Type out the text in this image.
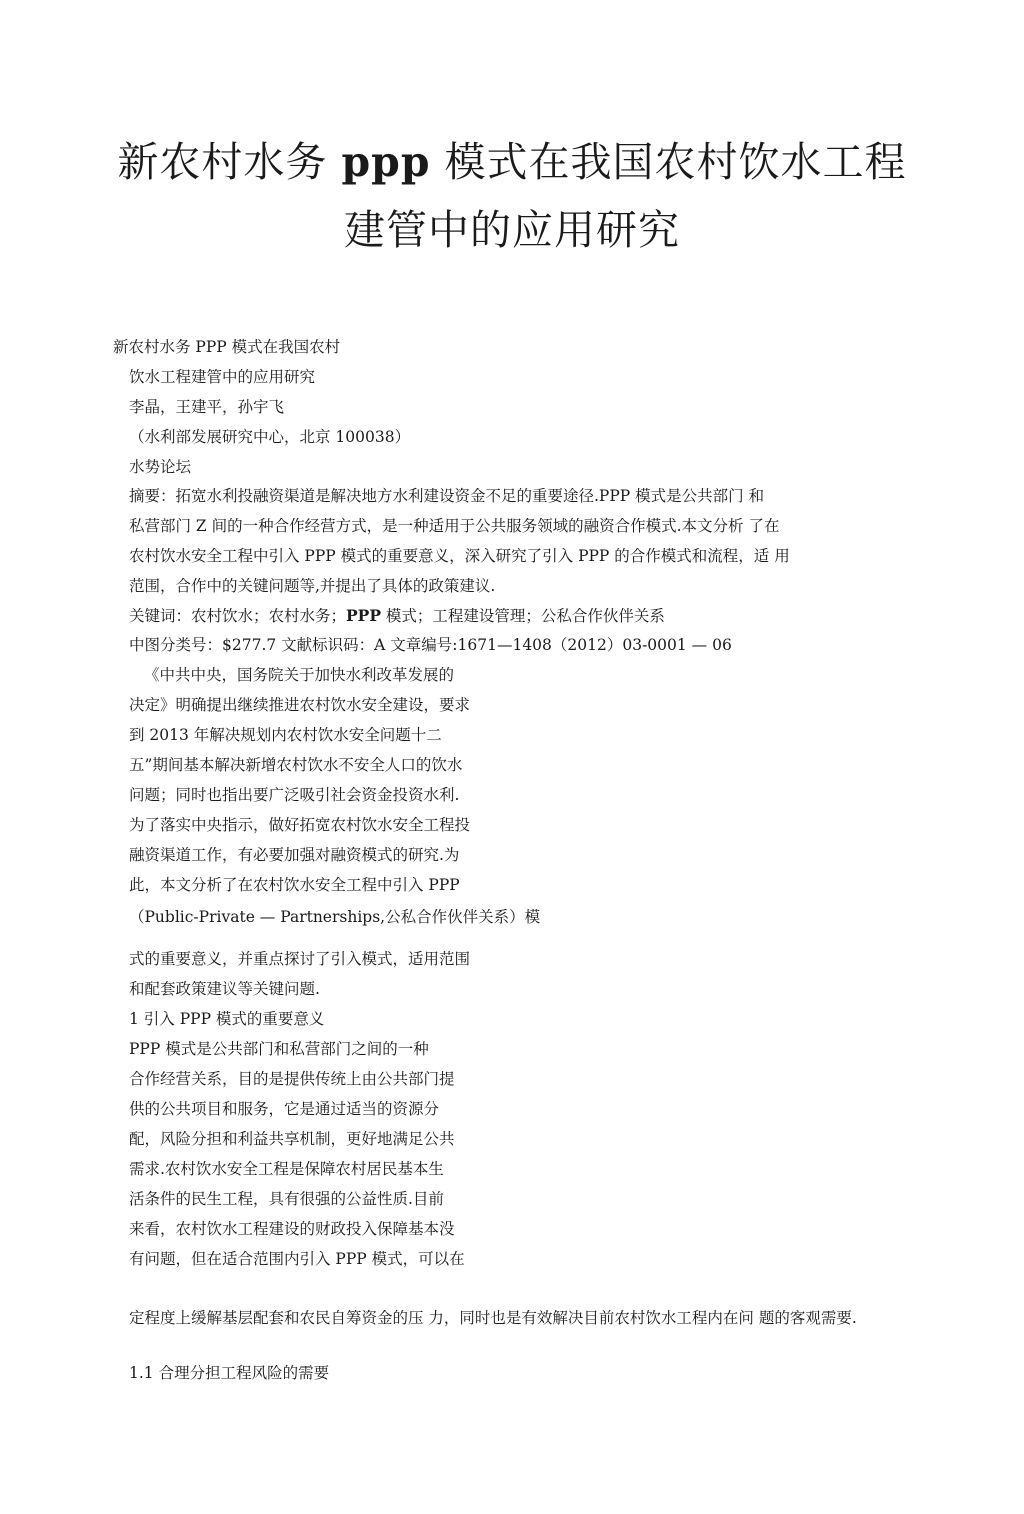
新农村水务 ppp 模式在我国农村饮水工程
建管中的应用研究
新农村水务 PPP 模式在我国农村
饮水工程建管中的应用研究
李晶，王建平，孙宇飞
（水利部发展研究中心，北京 100038）
水势论坛
摘要：拓宽水利投融资渠道是解决地方水利建设资金不足的重要途径.PPP 模式是公共部门 和
私营部门 Z 间的一种合作经营方式，是一种适用于公共服务领域的融资合作模式.本文分析 了在
农村饮水安全工程中引入 PPP 模式的重要意义，深入研究了引入 PPP 的合作模式和流程，适 用
范围，合作中的关键问题等,并提出了具体的政策建议.
关键词：农村饮水；农村水务；PPP 模式；工程建设管理；公私合作伙伴关系
中图分类号：$277.7 文献标识码：A 文章编号:1671—1408（2012）03-0001 — 06
《中共中央，国务院关于加快水利改革发展的
决定》明确提出继续推进农村饮水安全建设，要求
到 2013 年解决规划内农村饮水安全问题十二
五”期间基本解决新增农村饮水不安全人口的饮水
问题；同时也指出要广泛吸引社会资金投资水利.
为了落实中央指示，做好拓宽农村饮水安全工程投
融资渠道工作，有必要加强对融资模式的研究.为
此，本文分析了在农村饮水安全工程中引入 PPP
（Public-Private — Partnerships,公私合作伙伴关系）模
式的重要意义，并重点探讨了引入模式，适用范围
和配套政策建议等关键问题.
1 引入 PPP 模式的重要意义
PPP 模式是公共部门和私营部门之间的一种
合作经营关系，目的是提供传统上由公共部门提
供的公共项目和服务，它是通过适当的资源分
配，风险分担和利益共享机制，更好地满足公共
需求.农村饮水安全工程是保障农村居民基本生
活条件的民生工程，具有很强的公益性质.目前
来看，农村饮水工程建设的财政投入保障基本没
有问题，但在适合范围内引入 PPP 模式，可以在
定程度上缓解基层配套和农民自筹资金的压 力，同时也是有效解决目前农村饮水工程内在问 题的客观需要.
1.1 合理分担工程风险的需要
